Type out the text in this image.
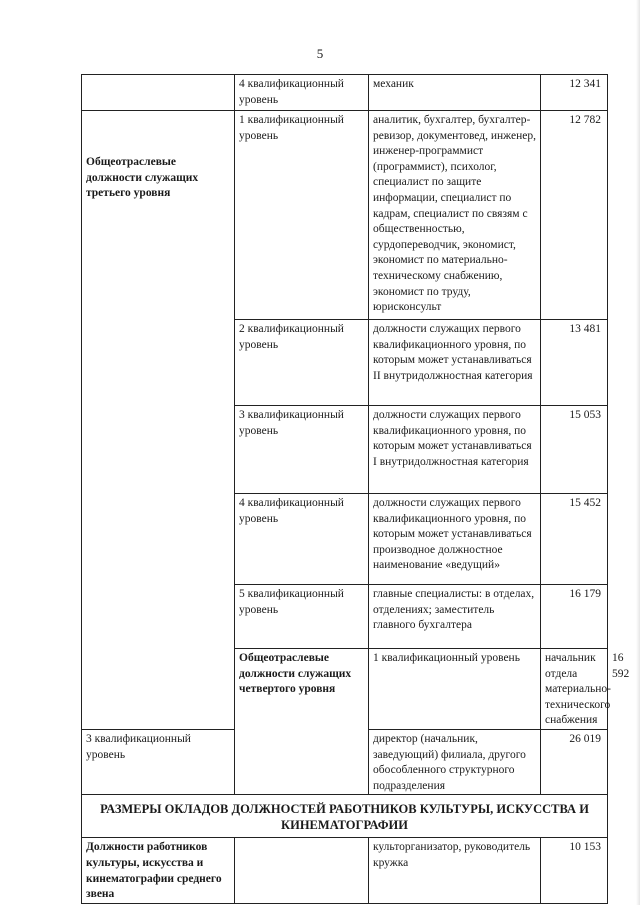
5
	4 квалификационный уровень	механик	12 341	
Общеотраслевые должности служащих третьего уровня	1 квалификационный уровень	аналитик, бухгалтер, бухгалтер-ревизор, документовед, инженер, инженер-программист (программист), психолог, специалист по защите информации, специалист по кадрам, специалист по связям с общественностью, сурдопереводчик, экономист, экономист по материально-техническому снабжению, экономист по труду, юрисконсульт	12 782	
	2 квалификационный уровень	должности служащих первого квалификационного уровня, по которым может устанавливаться II внутридолжностная категория	13 481	
	3 квалификационный уровень	должности служащих первого квалификационного уровня, по которым может устанавливаться I внутридолжностная категория	15 053	
	4 квалификационный уровень	должности служащих первого квалификационного уровня, по которым может устанавливаться производное должностное наименование «ведущий»	15 452	
	5 квалификационный уровень	главные специалисты: в отделах, отделениях; заместитель главного бухгалтера	16 179	
	Общеотраслевые должности служащих четвертого уровня	1 квалификационный уровень	начальник отдела материально-технического снабжения	16 592
3 квалификационный уровень		директор (начальник, заведующий) филиала, другого обособленного структурного подразделения	26 019	
РАЗМЕРЫ ОКЛАДОВ ДОЛЖНОСТЕЙ РАБОТНИКОВ КУЛЬТУРЫ, ИСКУССТВА И КИНЕМАТОГРАФИИ				
Должности работников культуры, искусства и кинематографии среднего звена		культорганизатор, руководитель кружка	10 153	
